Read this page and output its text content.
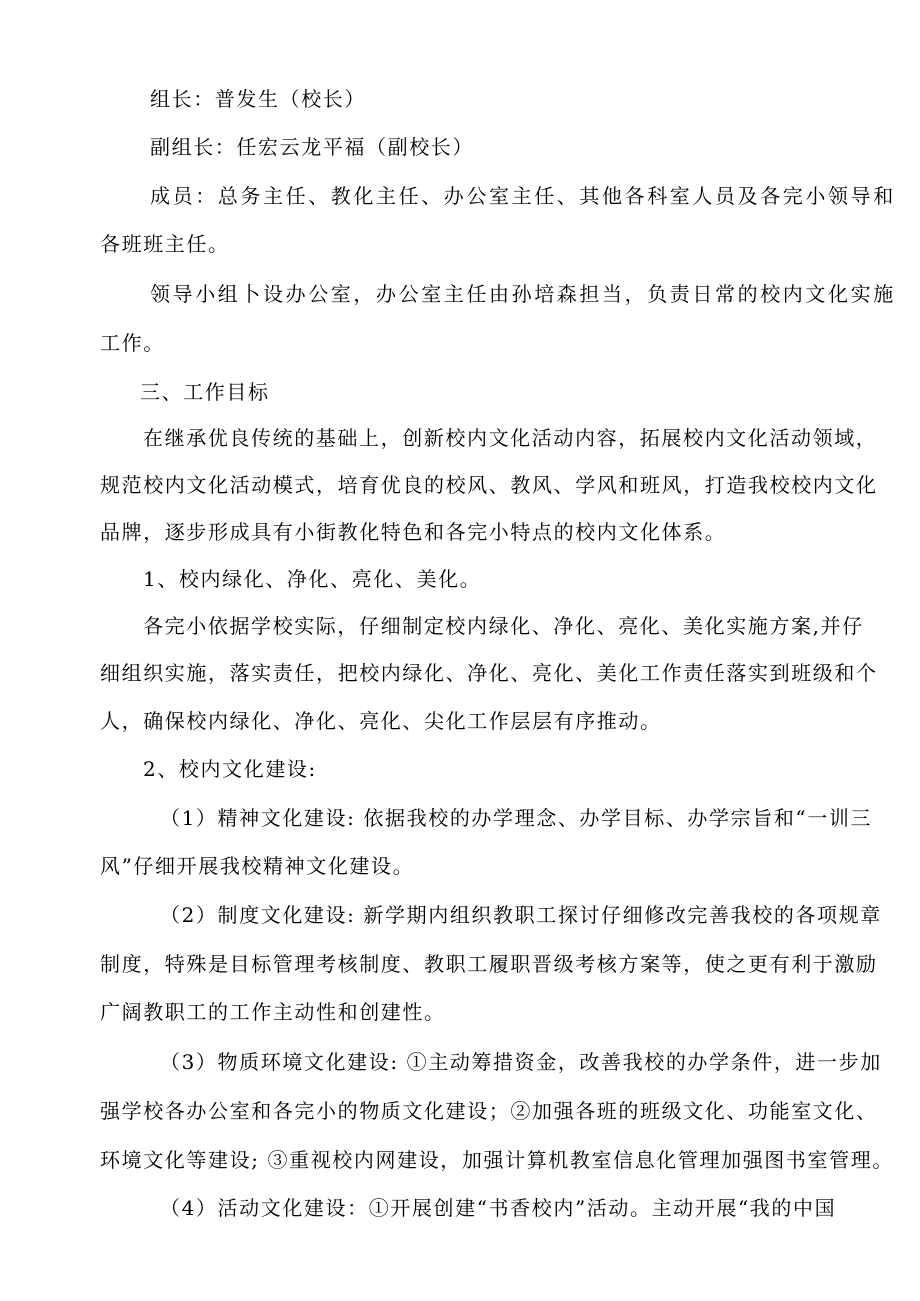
组长：普发生（校长）
副组长：任宏云龙平福（副校长）
成员：总务主任、教化主任、办公室主任、其他各科室人员及各完小领导和
各班班主任。
领导小组卜设办公室，办公室主任由孙培森担当，负责日常的校内文化实施
工作。
三、工作目标
在继承优良传统的基础上，创新校内文化活动内容，拓展校内文化活动领域，
规范校内文化活动模式，培育优良的校风、教风、学风和班风，打造我校校内文化
品牌，逐步形成具有小街教化特色和各完小特点的校内文化体系。
1、校内绿化、净化、亮化、美化。
各完小依据学校实际，仔细制定校内绿化、净化、亮化、美化实施方案,并仔
细组织实施，落实责任，把校内绿化、净化、亮化、美化工作责任落实到班级和个
人，确保校内绿化、净化、亮化、尖化工作层层有序推动。
2、校内文化建设:
（1）精神文化建设: 依据我校的办学理念、办学目标、办学宗旨和“一训三
风”仔细开展我校精神文化建设。
（2）制度文化建设: 新学期内组织教职工探讨仔细修改完善我校的各项规章
制度，特殊是目标管理考核制度、教职工履职晋级考核方案等，使之更有利于激励
广阔教职工的工作主动性和创建性。
（3）物质环境文化建设: ①主动筹措资金，改善我校的办学条件，进一步加
强学校各办公室和各完小的物质文化建设；②加强各班的班级文化、功能室文化、
环境文化等建设; ③重视校内网建设，加强计算机教室信息化管理加强图书室管理。
（4）活动文化建设：①开展创建“书香校内”活动。主动开展“我的中国
